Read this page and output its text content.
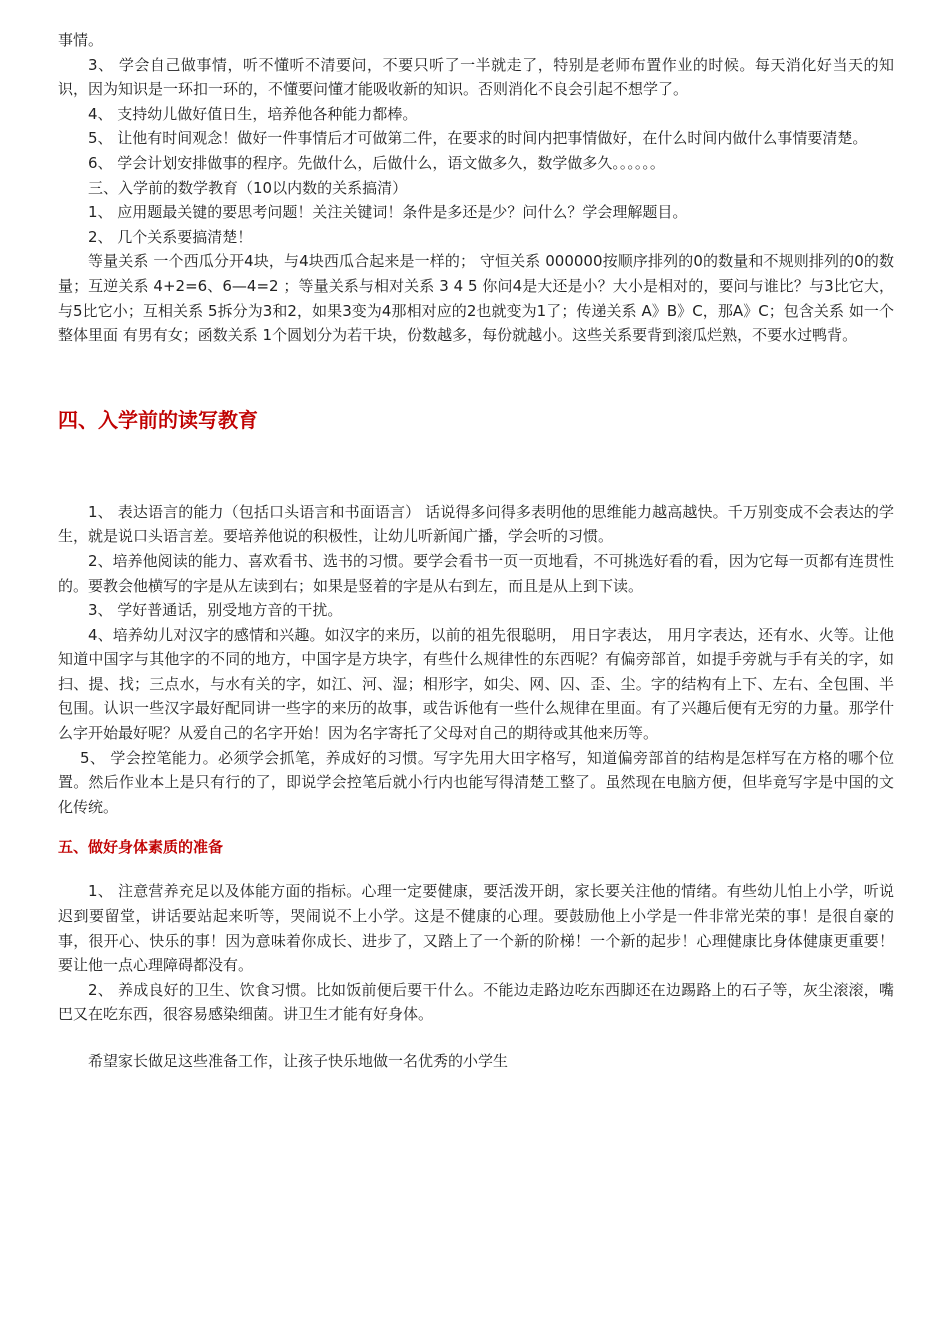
事情。

3、 学会自己做事情，听不懂听不清要问，不要只听了一半就走了，特别是老师布置作业的时候。每天消化好当天的知识，因为知识是一环扣一环的，不懂要问懂才能吸收新的知识。否则消化不良会引起不想学了。

4、 支持幼儿做好值日生，培养他各种能力都棒。

5、 让他有时间观念！做好一件事情后才可做第二件，在要求的时间内把事情做好，在什么时间内做什么事情要清楚。

6、 学会计划安排做事的程序。先做什么，后做什么，语文做多久，数学做多久。。。。。。

三、入学前的数学教育（10以内数的关系搞清）

1、 应用题最关键的要思考问题！关注关键词！条件是多还是少？问什么？学会理解题目。

2、 几个关系要搞清楚！

等量关系 一个西瓜分开4块，与4块西瓜合起来是一样的； 守恒关系 000000按顺序排列的0的数量和不规则排列的0的数量；互逆关系 4+2=6、6—4=2 ；等量关系与相对关系 3 4 5 你问4是大还是小？大小是相对的，要问与谁比？与3比它大，与5比它小；互相关系 5拆分为3和2，如果3变为4那相对应的2也就变为1了；传递关系 A》B》C，那A》C；包含关系 如一个整体里面 有男有女；函数关系 1个圆划分为若干块，份数越多，每份就越小。这些关系要背到滚瓜烂熟，不要水过鸭背。

四、入学前的读写教育

1、 表达语言的能力（包括口头语言和书面语言） 话说得多问得多表明他的思维能力越高越快。千万别变成不会表达的学生，就是说口头语言差。要培养他说的积极性，让幼儿听新闻广播，学会听的习惯。

2、培养他阅读的能力、喜欢看书、选书的习惯。要学会看书一页一页地看，不可挑选好看的看，因为它每一页都有连贯性的。要教会他横写的字是从左读到右；如果是竖着的字是从右到左，而且是从上到下读。

3、 学好普通话，别受地方音的干扰。

4、培养幼儿对汉字的感情和兴趣。如汉字的来历，以前的祖先很聪明， 用日字表达， 用月字表达，还有水、火等。让他知道中国字与其他字的不同的地方，中国字是方块字，有些什么规律性的东西呢？有偏旁部首，如提手旁就与手有关的字，如扫、提、找；三点水，与水有关的字，如江、河、湿；相形字，如尖、网、囚、歪、尘。字的结构有上下、左右、全包围、半包围。认识一些汉字最好配同讲一些字的来历的故事，或告诉他有一些什么规律在里面。有了兴趣后便有无穷的力量。那学什么字开始最好呢？从爱自己的名字开始！因为名字寄托了父母对自己的期待或其他来历等。

5、 学会控笔能力。必须学会抓笔，养成好的习惯。写字先用大田字格写，知道偏旁部首的结构是怎样写在方格的哪个位置。然后作业本上是只有行的了，即说学会控笔后就小行内也能写得清楚工整了。虽然现在电脑方便，但毕竟写字是中国的文化传统。

五、做好身体素质的准备

1、 注意营养充足以及体能方面的指标。心理一定要健康，要活泼开朗，家长要关注他的情绪。有些幼儿怕上小学，听说迟到要留堂，讲话要站起来听等，哭闹说不上小学。这是不健康的心理。要鼓励他上小学是一件非常光荣的事！是很自豪的事，很开心、快乐的事！因为意味着你成长、进步了，又踏上了一个新的阶梯！一个新的起步！心理健康比身体健康更重要！要让他一点心理障碍都没有。

2、 养成良好的卫生、饮食习惯。比如饭前便后要干什么。不能边走路边吃东西脚还在边踢路上的石子等，灰尘滚滚，嘴巴又在吃东西，很容易感染细菌。讲卫生才能有好身体。

希望家长做足这些准备工作，让孩子快乐地做一名优秀的小学生
